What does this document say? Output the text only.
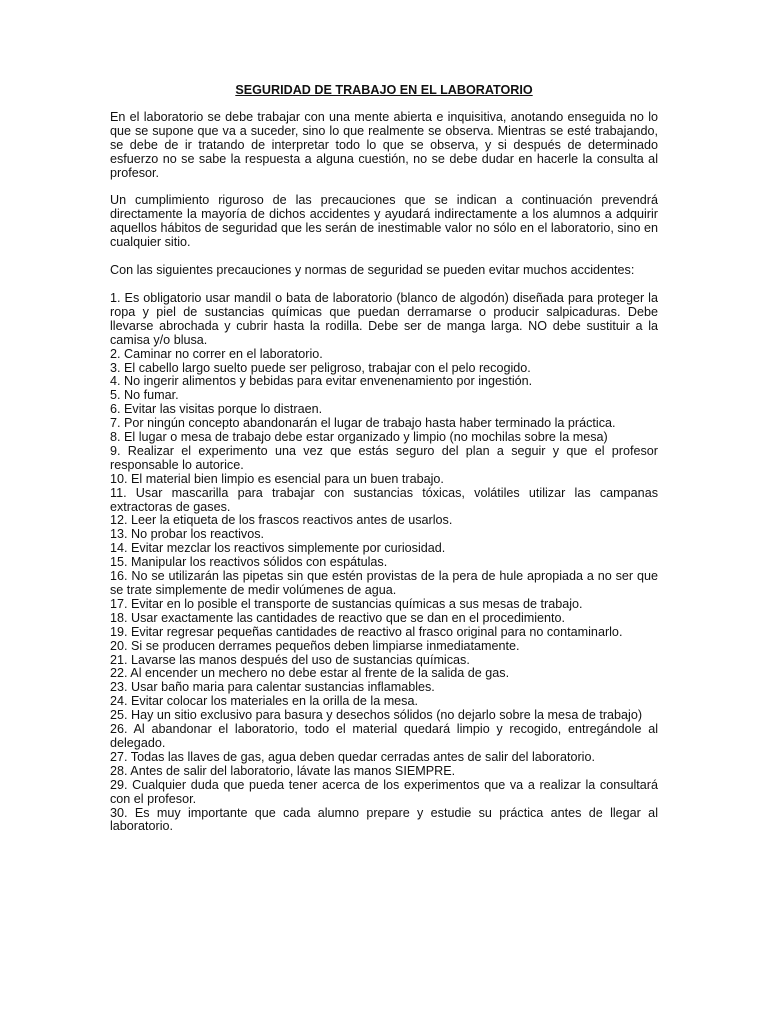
SEGURIDAD DE TRABAJO EN EL LABORATORIO

En el laboratorio se debe trabajar con una mente abierta e inquisitiva, anotando enseguida no lo que se supone que va a suceder, sino lo que realmente se observa. Mientras se esté trabajando, se debe de ir tratando de interpretar todo lo que se observa, y si después de determinado esfuerzo no se sabe la respuesta a alguna cuestión, no se debe dudar en hacerle la consulta al profesor.

Un cumplimiento riguroso de las precauciones que se indican a continuación prevendrá directamente la mayoría de dichos accidentes y ayudará indirectamente a los alumnos a adquirir aquellos hábitos de seguridad que les serán de inestimable valor no sólo en el laboratorio, sino en cualquier sitio.

Con las siguientes precauciones y normas de seguridad se pueden evitar muchos accidentes:

1. Es obligatorio usar mandil o bata de laboratorio (blanco de algodón) diseñada para proteger la ropa y piel de sustancias químicas que puedan derramarse o producir salpicaduras. Debe llevarse abrochada y cubrir hasta la rodilla. Debe ser de manga larga. NO debe sustituir a la camisa y/o blusa.
2. Caminar no correr en el laboratorio.
3. El cabello largo suelto puede ser peligroso, trabajar con el pelo recogido.
4. No ingerir alimentos y bebidas para evitar envenenamiento por ingestión.
5. No fumar.
6. Evitar las visitas porque lo distraen.
7. Por ningún concepto abandonarán el lugar de trabajo hasta haber terminado la práctica.
8. El lugar o mesa de trabajo debe estar organizado y limpio (no mochilas sobre la mesa)
9. Realizar el experimento una vez que estás seguro del plan a seguir y que el profesor responsable lo autorice.
10. El material bien limpio es esencial para un buen trabajo.
11. Usar mascarilla para trabajar con sustancias tóxicas, volátiles utilizar las campanas extractoras de gases.
12. Leer la etiqueta de los frascos reactivos antes de usarlos.
13. No probar los reactivos.
14. Evitar mezclar los reactivos simplemente por curiosidad.
15. Manipular los reactivos sólidos con espátulas.
16. No se utilizarán las pipetas sin que estén provistas de la pera de hule apropiada a no ser que se trate simplemente de medir volúmenes de agua.
17. Evitar en lo posible el transporte de sustancias químicas a sus mesas de trabajo.
18. Usar exactamente las cantidades de reactivo que se dan en el procedimiento.
19. Evitar regresar pequeñas cantidades de reactivo al frasco original para no contaminarlo.
20. Si se producen derrames pequeños deben limpiarse inmediatamente.
21. Lavarse las manos después del uso de sustancias químicas.
22. Al encender un mechero no debe estar al frente de la salida de gas.
23. Usar baño maria para calentar sustancias inflamables.
24. Evitar colocar los materiales en la orilla de la mesa.
25. Hay un sitio exclusivo para basura y desechos sólidos (no dejarlo sobre la mesa de trabajo)
26. Al abandonar el laboratorio, todo el material quedará limpio y recogido, entregándole al delegado.
27. Todas las llaves de gas, agua deben quedar cerradas antes de salir del laboratorio.
28. Antes de salir del laboratorio, lávate las manos SIEMPRE.
29. Cualquier duda que pueda tener acerca de los experimentos que va a realizar la consultará con el profesor.
30. Es muy importante que cada alumno prepare y estudie su práctica antes de llegar al laboratorio.
